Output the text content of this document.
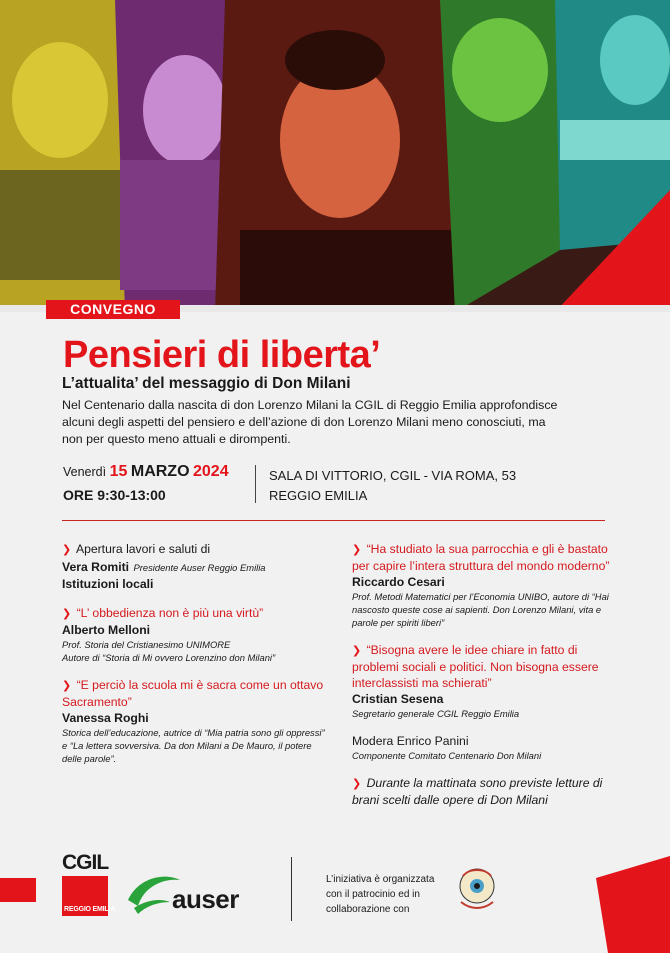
CONVEGNO
Pensieri di liberta’
L’attualita’ del messaggio di Don Milani

Nel Centenario dalla nascita di don Lorenzo Milani la CGIL di Reggio Emilia approfondisce alcuni degli aspetti del pensiero e dell’azione di don Lorenzo Milani meno conosciuti, ma non per questo meno attuali e dirompenti.

Venerdì 15 MARZO 2024
ORE 9:30-13:00
SALA DI VITTORIO, CGIL - VIA ROMA, 53
REGGIO EMILIA
❯ Apertura lavori e saluti di
Vera Romiti Presidente Auser Reggio Emilia
Istituzioni locali
❯ “L’ obbedienza non è più una virtù”
Alberto Melloni
Prof. Storia del Cristianesimo UNIMORE
Autore di “Storia di Mi ovvero Lorenzino don Milani”
❯ “E perciò la scuola mi è sacra come un ottavo Sacramento”
Vanessa Roghi
Storica dell’educazione, autrice di “Mia patria sono gli oppressi” e “La lettera sovversiva. Da don Milani a De Mauro, il potere delle parole”.
❯ “Ha studiato la sua parrocchia e gli è bastato per capire l’intera struttura del mondo moderno”
Riccardo Cesari
Prof. Metodi Matematici per l’Economia UNIBO, autore di “Hai nascosto queste cose ai sapienti. Don Lorenzo Milani, vita e parole per spiriti liberi”
❯ “Bisogna avere le idee chiare in fatto di problemi sociali e politici. Non bisogna essere interclassisti ma schierati”
Cristian Sesena
Segretario generale CGIL Reggio Emilia
Modera Enrico Panini
Componente Comitato Centenario Don Milani
❯ Durante la mattinata sono previste letture di brani scelti dalle opere di Don Milani
CGIL
REGGIO EMILIA auser
L’iniziativa è organizzata con il patrocinio ed in collaborazione con
